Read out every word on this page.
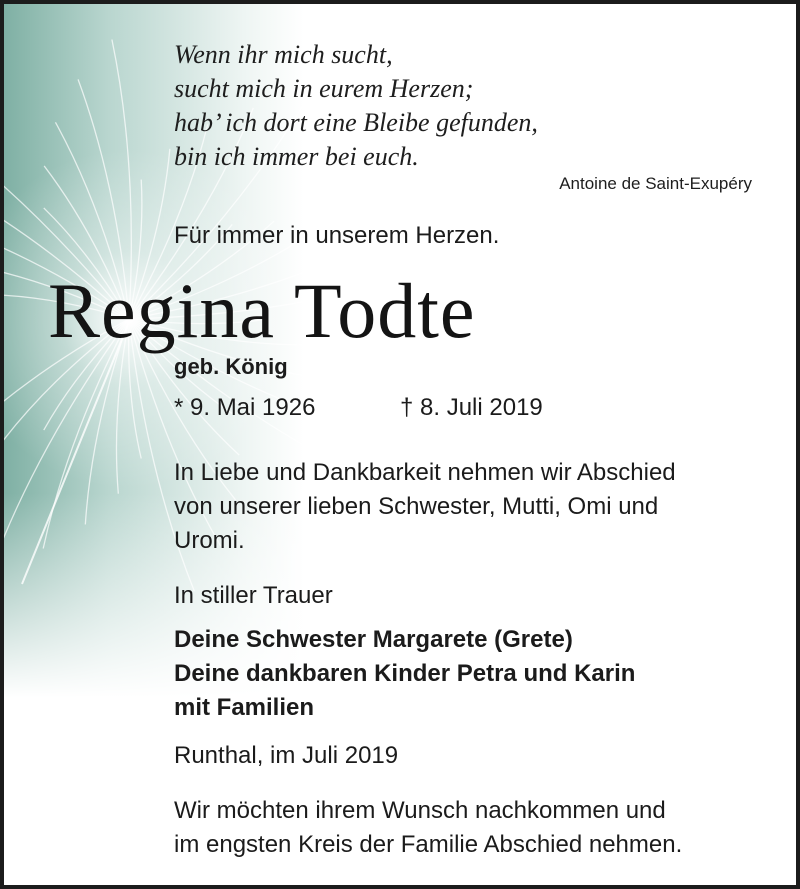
Wenn ihr mich sucht,
sucht mich in eurem Herzen;
hab’ ich dort eine Bleibe gefunden,
bin ich immer bei euch.
Antoine de Saint-Exupéry
Für immer in unserem Herzen.
Regina Todte
geb. König
* 9. Mai 1926	† 8. Juli 2019
In Liebe und Dankbarkeit nehmen wir Abschied
von unserer lieben Schwester, Mutti, Omi und
Uromi.
In stiller Trauer
Deine Schwester Margarete (Grete)
Deine dankbaren Kinder Petra und Karin
mit Familien
Runthal, im Juli 2019
Wir möchten ihrem Wunsch nachkommen und
im engsten Kreis der Familie Abschied nehmen.
